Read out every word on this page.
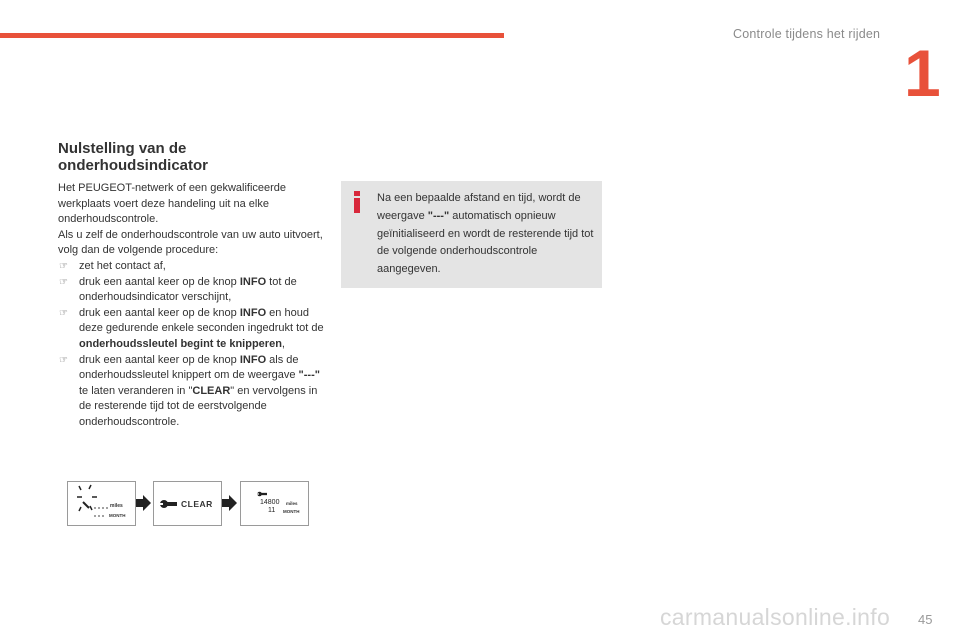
Controle tijdens het rijden
1
Nulstelling van de
onderhoudsindicator

Het PEUGEOT-netwerk of een gekwalificeerde werkplaats voert deze handeling uit na elke onderhoudscontrole.

Als u zelf de onderhoudscontrole van uw auto uitvoert, volg dan de volgende procedure:

☞ zet het contact af,
☞ druk een aantal keer op de knop INFO tot de onderhoudsindicator verschijnt,
☞ druk een aantal keer op de knop INFO en houd deze gedurende enkele seconden ingedrukt tot de onderhoudssleutel begint te knipperen,
☞ druk een aantal keer op de knop INFO als de onderhoudssleutel knippert om de weergave "---" te laten veranderen in "CLEAR" en vervolgens in de resterende tijd tot de eerstvolgende onderhoudscontrole.
Na een bepaalde afstand en tijd, wordt de weergave "---" automatisch opnieuw geïnitialiseerd en wordt de resterende tijd tot de volgende onderhoudscontrole aangegeven.
miles
MONTH
CLEAR	14800 miles
11 MONTH
carmanualsonline.info 45
